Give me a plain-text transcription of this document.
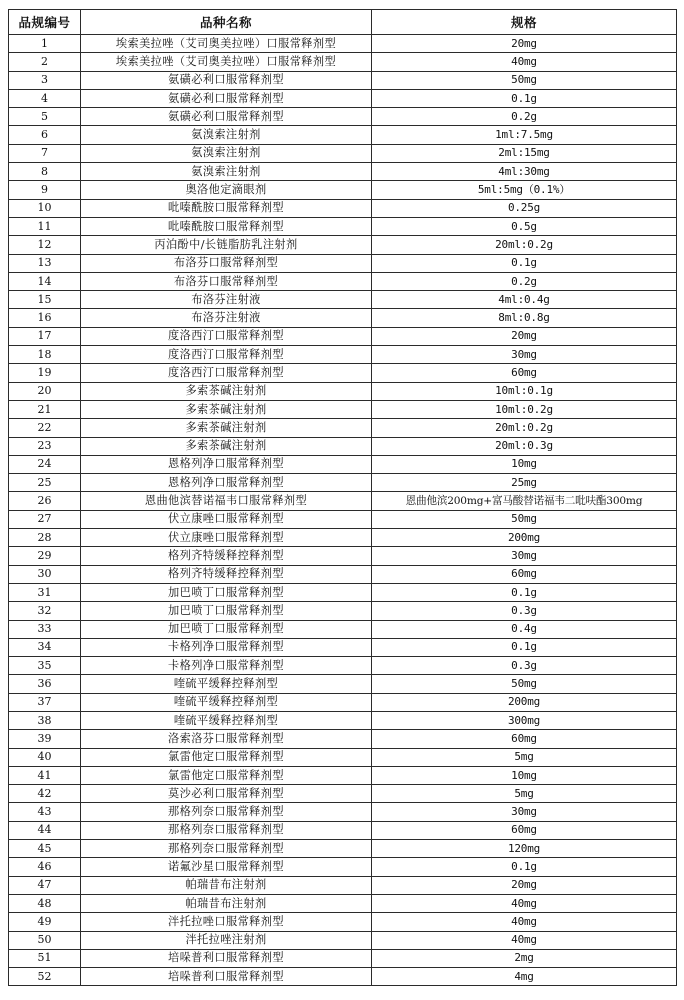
品规编号	品种名称	规格
1	埃索美拉唑（艾司奥美拉唑）口服常释剂型	20mg
2	埃索美拉唑（艾司奥美拉唑）口服常释剂型	40mg
3	氨磺必利口服常释剂型	50mg
4	氨磺必利口服常释剂型	0.1g
5	氨磺必利口服常释剂型	0.2g
6	氨溴索注射剂	1ml:7.5mg
7	氨溴索注射剂	2ml:15mg
8	氨溴索注射剂	4ml:30mg
9	奥洛他定滴眼剂	5ml:5mg（0.1%）
10	吡嗪酰胺口服常释剂型	0.25g
11	吡嗪酰胺口服常释剂型	0.5g
12	丙泊酚中/长链脂肪乳注射剂	20ml:0.2g
13	布洛芬口服常释剂型	0.1g
14	布洛芬口服常释剂型	0.2g
15	布洛芬注射液	4ml:0.4g
16	布洛芬注射液	8ml:0.8g
17	度洛西汀口服常释剂型	20mg
18	度洛西汀口服常释剂型	30mg
19	度洛西汀口服常释剂型	60mg
20	多索茶碱注射剂	10ml:0.1g
21	多索茶碱注射剂	10ml:0.2g
22	多索茶碱注射剂	20ml:0.2g
23	多索茶碱注射剂	20ml:0.3g
24	恩格列净口服常释剂型	10mg
25	恩格列净口服常释剂型	25mg
26	恩曲他滨替诺福韦口服常释剂型	恩曲他滨200mg+富马酸替诺福韦二吡呋酯300mg
27	伏立康唑口服常释剂型	50mg
28	伏立康唑口服常释剂型	200mg
29	格列齐特缓释控释剂型	30mg
30	格列齐特缓释控释剂型	60mg
31	加巴喷丁口服常释剂型	0.1g
32	加巴喷丁口服常释剂型	0.3g
33	加巴喷丁口服常释剂型	0.4g
34	卡格列净口服常释剂型	0.1g
35	卡格列净口服常释剂型	0.3g
36	喹硫平缓释控释剂型	50mg
37	喹硫平缓释控释剂型	200mg
38	喹硫平缓释控释剂型	300mg
39	洛索洛芬口服常释剂型	60mg
40	氯雷他定口服常释剂型	5mg
41	氯雷他定口服常释剂型	10mg
42	莫沙必利口服常释剂型	5mg
43	那格列奈口服常释剂型	30mg
44	那格列奈口服常释剂型	60mg
45	那格列奈口服常释剂型	120mg
46	诺氟沙星口服常释剂型	0.1g
47	帕瑞昔布注射剂	20mg
48	帕瑞昔布注射剂	40mg
49	泮托拉唑口服常释剂型	40mg
50	泮托拉唑注射剂	40mg
51	培哚普利口服常释剂型	2mg
52	培哚普利口服常释剂型	4mg
